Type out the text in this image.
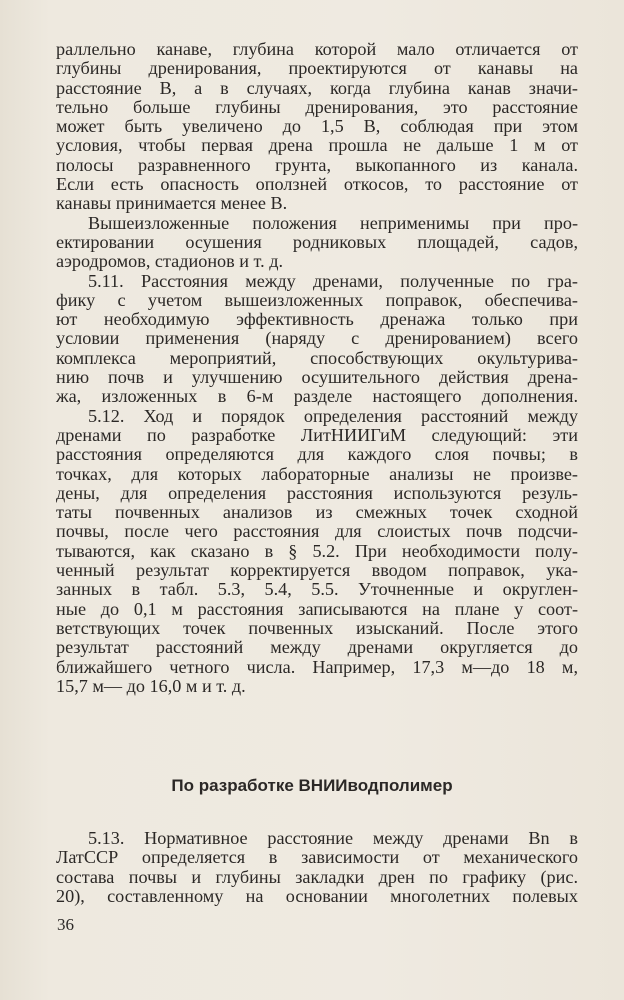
раллельно канаве, глубина которой мало отличается от
глубины дренирования, проектируются от канавы на
расстояние B, а в случаях, когда глубина канав значи-
тельно больше глубины дренирования, это расстояние
может быть увеличено до 1,5 B, соблюдая при этом
условия, чтобы первая дрена прошла не дальше 1 м от
полосы разравненного грунта, выкопанного из канала.
Если есть опасность оползней откосов, то расстояние от
канавы принимается менее B.
Вышеизложенные положения неприменимы при про-
ектировании осушения родниковых площадей, садов,
аэродромов, стадионов и т. д.
5.11. Расстояния между дренами, полученные по гра-
фику с учетом вышеизложенных поправок, обеспечива-
ют необходимую эффективность дренажа только при
условии применения (наряду с дренированием) всего
комплекса мероприятий, способствующих окультурива-
нию почв и улучшению осушительного действия дрена-
жа, изложенных в 6-м разделе настоящего дополнения.
5.12. Ход и порядок определения расстояний между
дренами по разработке ЛитНИИГиМ следующий: эти
расстояния определяются для каждого слоя почвы; в
точках, для которых лабораторные анализы не произве-
дены, для определения расстояния используются резуль-
таты почвенных анализов из смежных точек сходной
почвы, после чего расстояния для слоистых почв подсчи-
тываются, как сказано в § 5.2. При необходимости полу-
ченный результат корректируется вводом поправок, ука-
занных в табл. 5.3, 5.4, 5.5. Уточненные и округлен-
ные до 0,1 м расстояния записываются на плане у соот-
ветствующих точек почвенных изысканий. После этого
результат расстояний между дренами округляется до
ближайшего четного числа. Например, 17,3 м—до 18 м,
15,7 м— до 16,0 м и т. д.
По разработке ВНИИводполимер
5.13. Нормативное расстояние между дренами Bn в
ЛатССР определяется в зависимости от механического
состава почвы и глубины закладки дрен по графику (рис.
20), составленному на основании многолетних полевых
36
